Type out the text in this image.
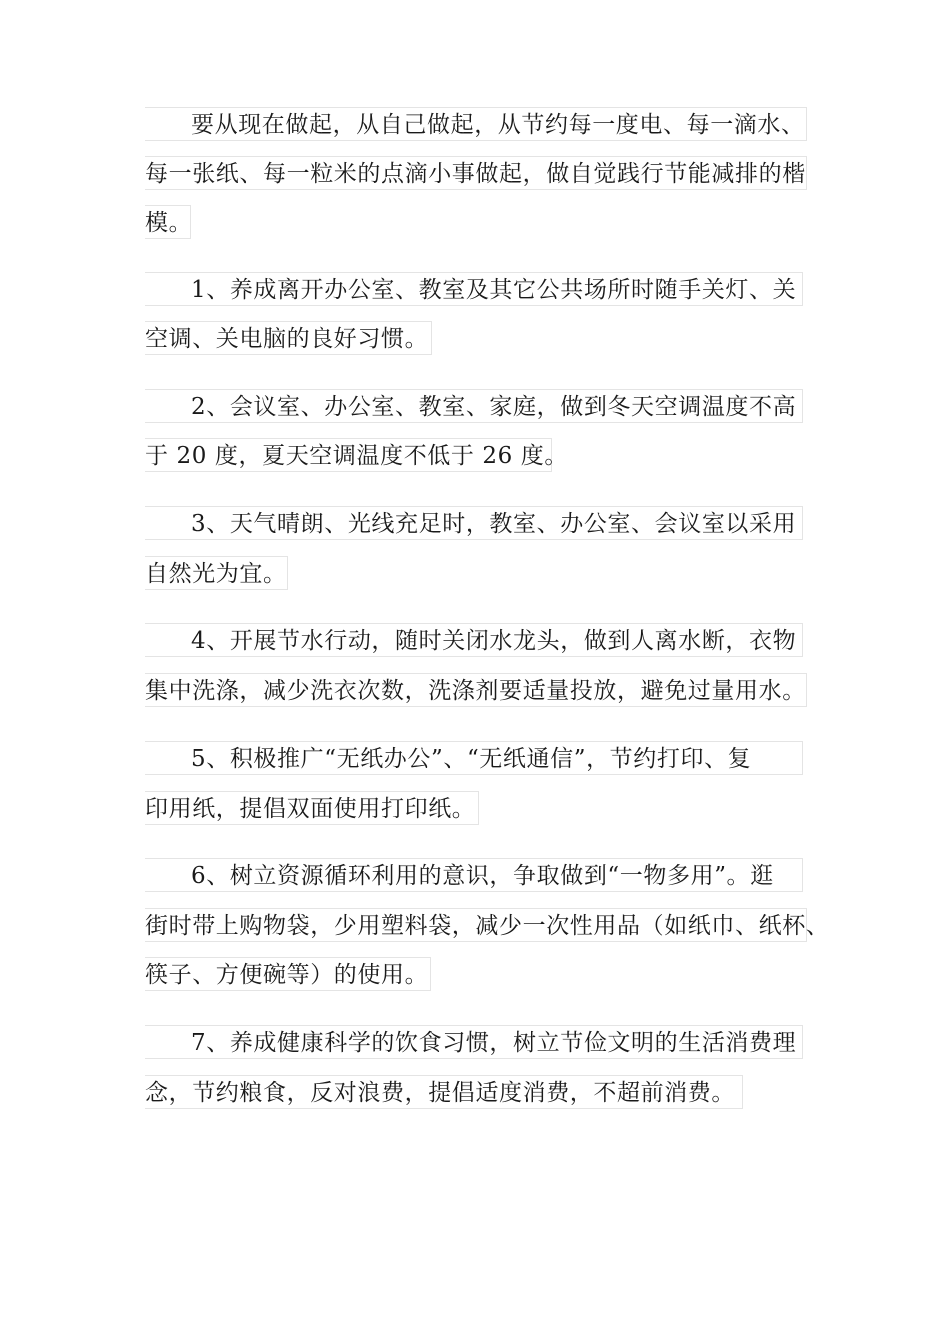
要从现在做起，从自己做起，从节约每一度电、每一滴水、
每一张纸、每一粒米的点滴小事做起，做自觉践行节能减排的楷
模。
1、养成离开办公室、教室及其它公共场所时随手关灯、关
空调、关电脑的良好习惯。
2、会议室、办公室、教室、家庭，做到冬天空调温度不高
于 20 度，夏天空调温度不低于 26 度。
3、天气晴朗、光线充足时，教室、办公室、会议室以采用
自然光为宜。
4、开展节水行动，随时关闭水龙头，做到人离水断，衣物
集中洗涤，减少洗衣次数，洗涤剂要适量投放，避免过量用水。
5、积极推广“无纸办公”、“无纸通信”，节约打印、复
印用纸，提倡双面使用打印纸。
6、树立资源循环利用的意识，争取做到“一物多用”。逛
街时带上购物袋，少用塑料袋，减少一次性用品（如纸巾、纸杯、
筷子、方便碗等）的使用。
7、养成健康科学的饮食习惯，树立节俭文明的生活消费理
念，节约粮食，反对浪费，提倡适度消费，不超前消费。
